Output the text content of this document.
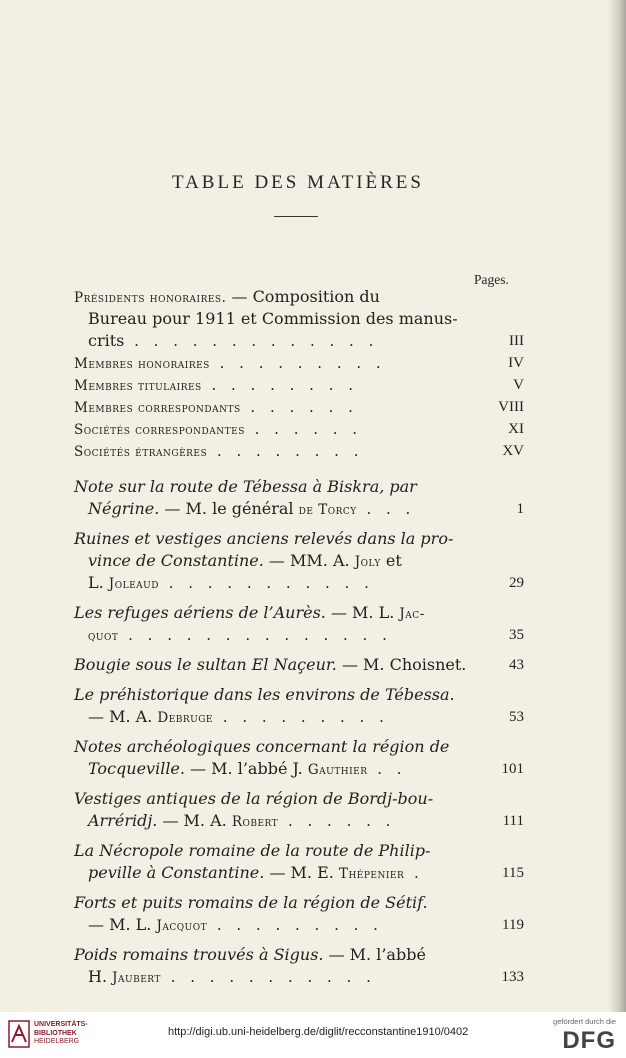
TABLE DES MATIÈRES
Pages.
Présidents honoraires. — Composition du
Bureau pour 1911 et Commission des manus-
crits . . . . . . . . . . . . .	III
Membres honoraires . . . . . . . . .	IV
Membres titulaires . . . . . . . .	V
Membres correspondants . . . . . .	VIII
Sociétés correspondantes . . . . . .	XI
Sociétés étrangères . . . . . . . .	XV
Note sur la route de Tébessa à Biskra, par
Négrine. — M. le général de Torcy . . .	1
Ruines et vestiges anciens relevés dans la pro-
vince de Constantine. — MM. A. Joly et
L. Joleaud . . . . . . . . . . .	29
Les refuges aériens de l’Aurès. — M. L. Jac-
quot . . . . . . . . . . . . . .	35
Bougie sous le sultan El Naçeur. — M. Choisnet.	43
Le préhistorique dans les environs de Tébessa.
— M. A. Debruge . . . . . . . . .	53
Notes archéologiques concernant la région de
Tocqueville. — M. l’abbé J. Gauthier . .	101
Vestiges antiques de la région de Bordj-bou-
Arréridj. — M. A. Robert . . . . . .	111
La Nécropole romaine de la route de Philip-
peville à Constantine. — M. E. Thépenier .	115
Forts et puits romains de la région de Sétif.
— M. L. Jacquot . . . . . . . . .	119
Poids romains trouvés à Sigus. — M. l’abbé
H. Jaubert . . . . . . . . . . .	133
UNIVERSITÄTS-
BIBLIOTHEK
HEIDELBERG
http://digi.ub.uni-heidelberg.de/diglit/recconstantine1910/0402
gefördert durch die
DFG
